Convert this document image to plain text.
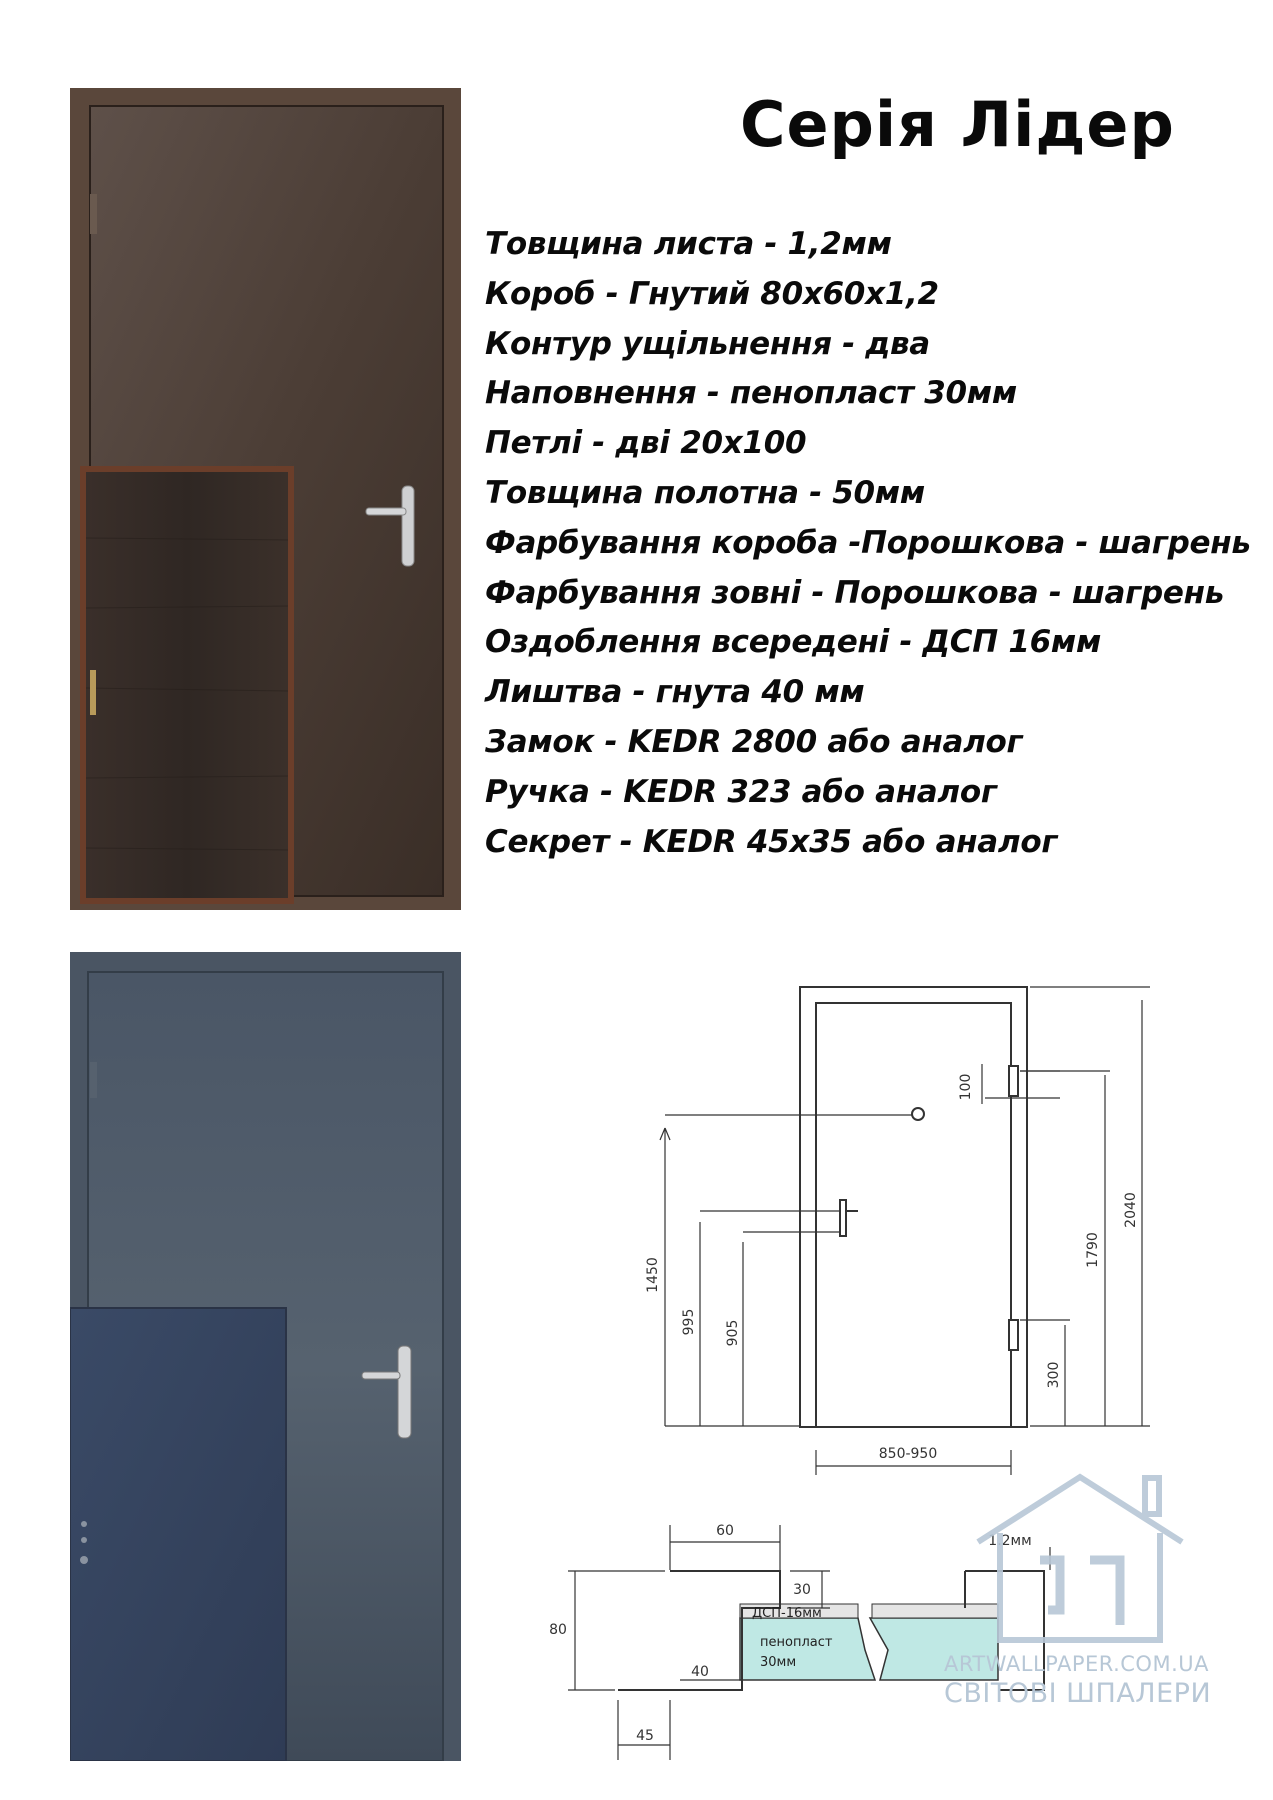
Серія Лідер
Товщина листа - 1,2мм
Короб - Гнутий 80х60х1,2
Контур ущільнення - два
Наповнення - пенопласт 30мм
Петлі - дві 20х100
Товщина полотна - 50мм
Фарбування короба -Порошкова - шагрень
Фарбування зовні - Порошкова - шагрень
Оздоблення всередені - ДСП 16мм
Лиштва - гнута 40 мм
Замок - KEDR 2800 або аналог
Ручка - KEDR 323 або аналог
Секрет - KEDR 45х35 або аналог
100
1450
995 905
1790
2040
300
850-950
60
30
80
40
45
1.2мм
ДСП-16мм
пенопласт
30мм	ARTWALLPAPER.COM.UA
СВІТОВІ ШПАЛЕРИ
